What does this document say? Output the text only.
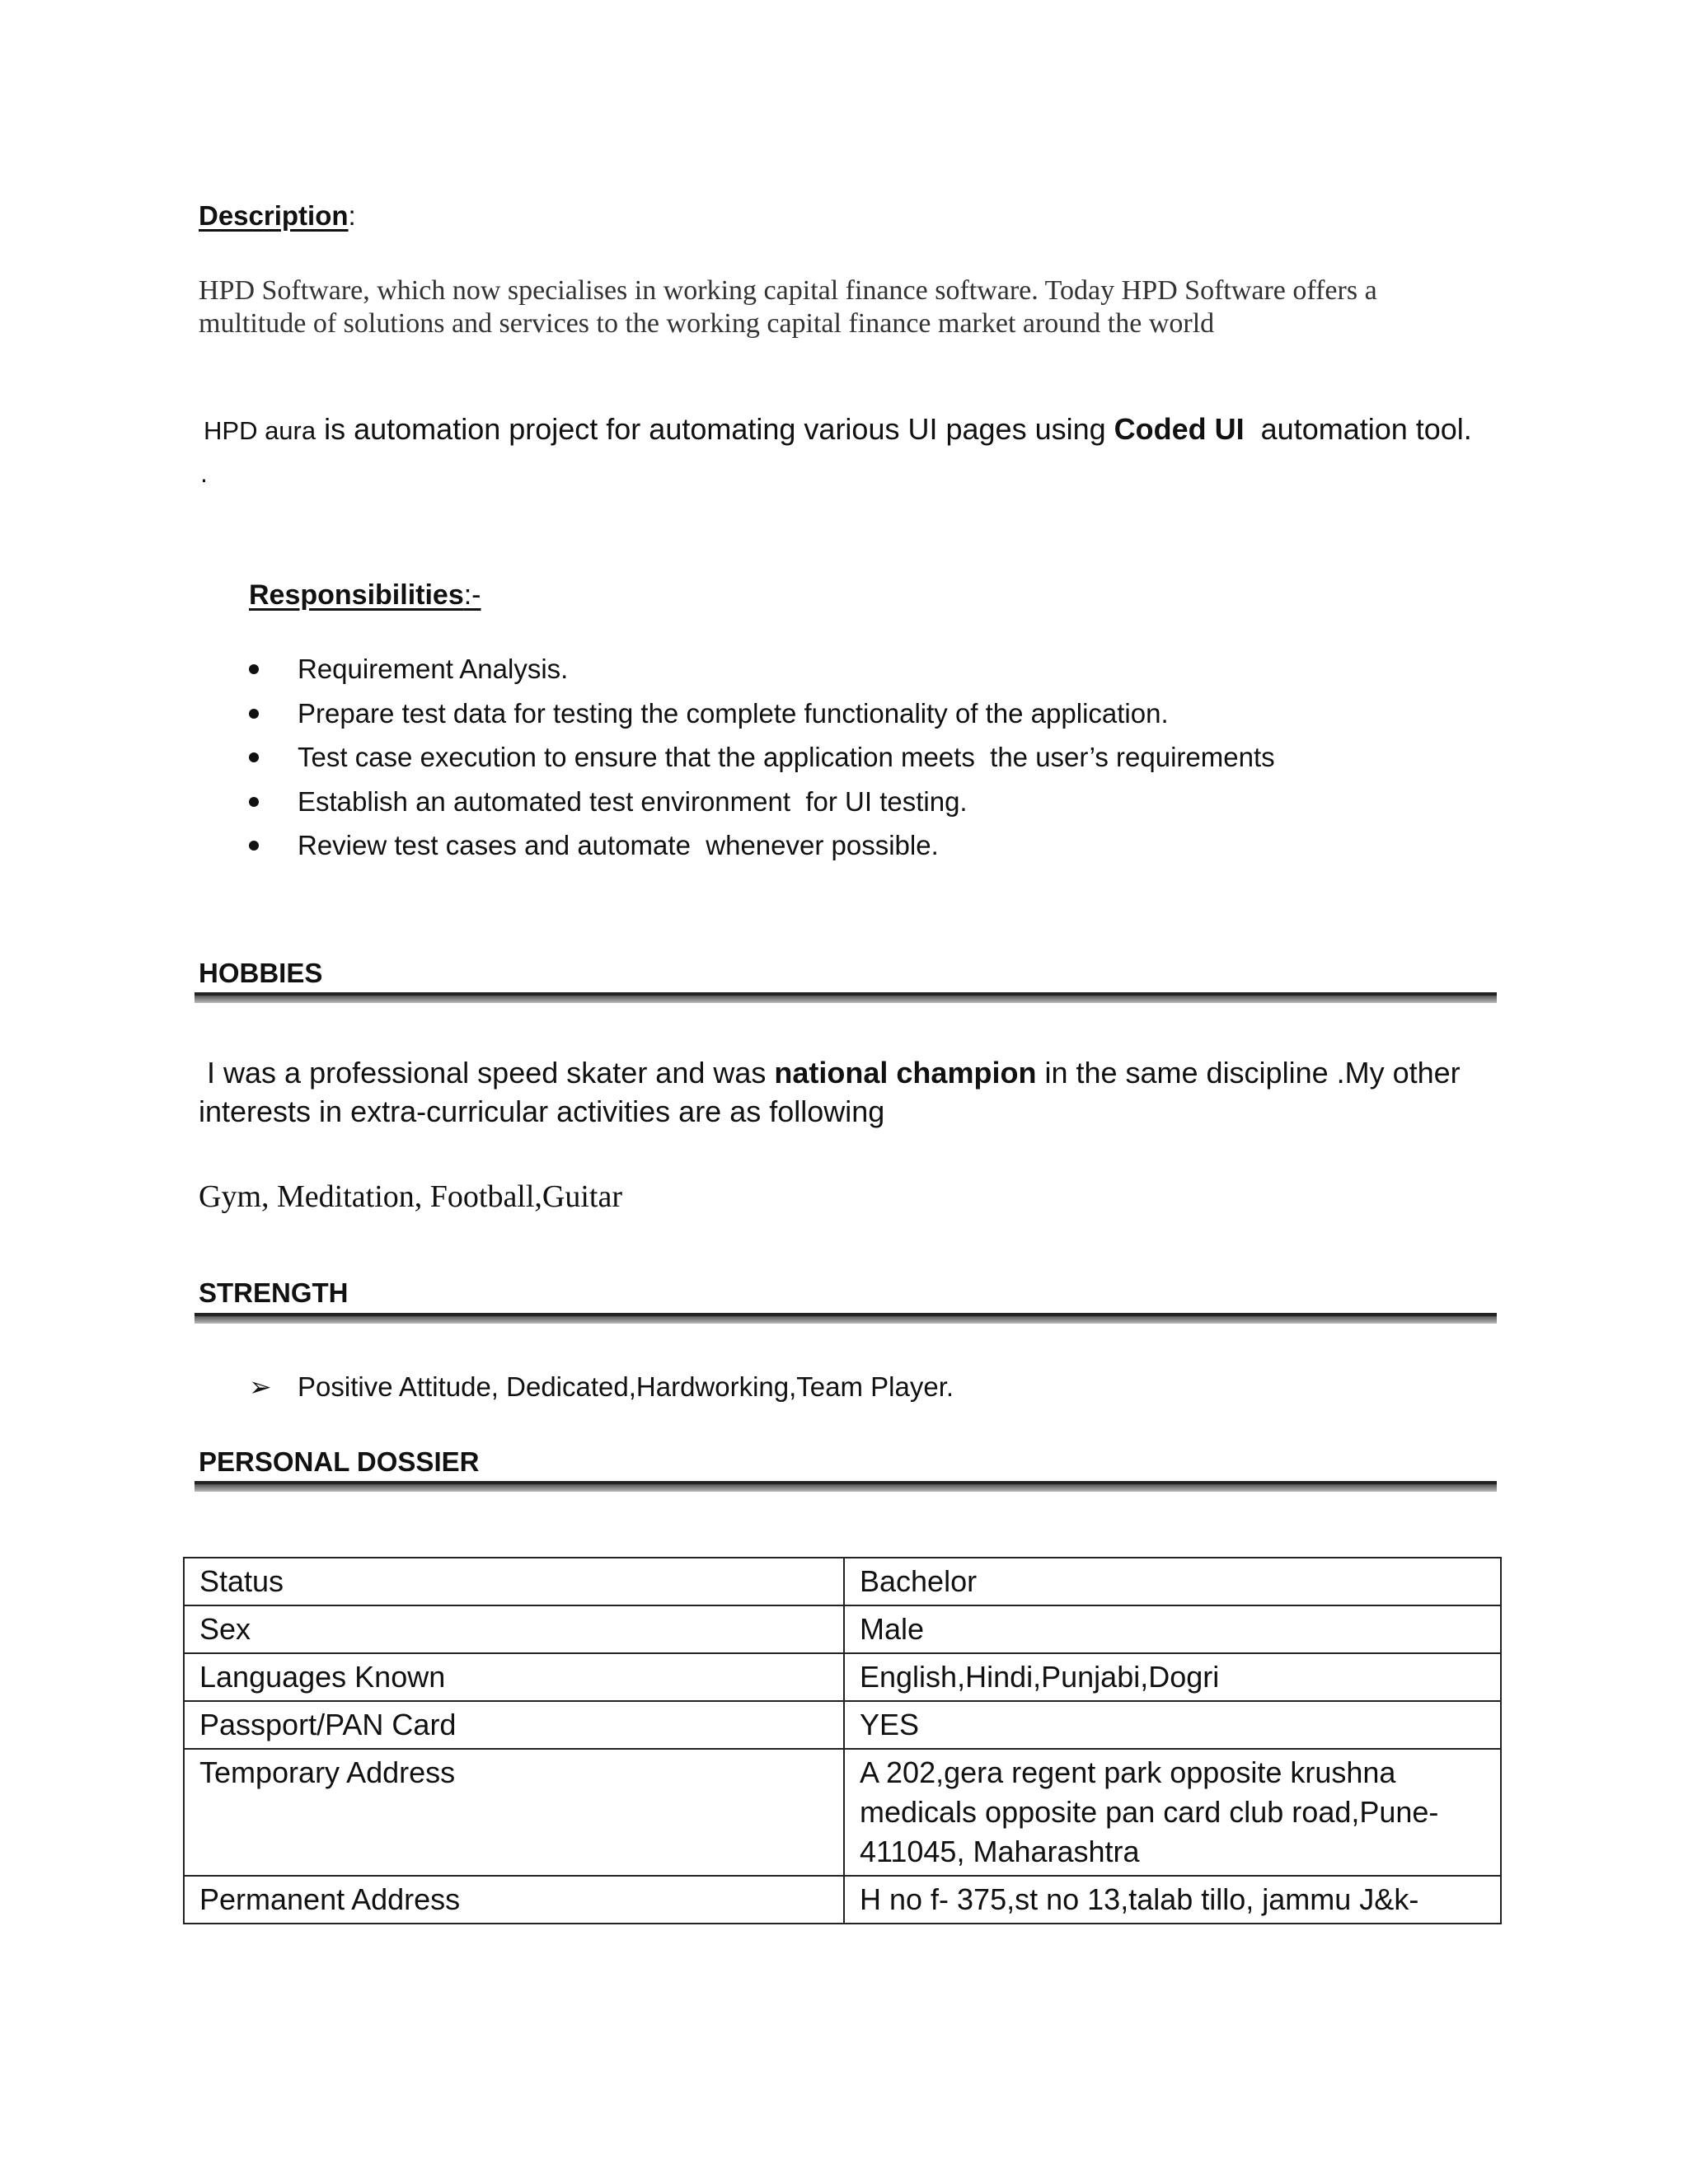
Description:
HPD Software, which now specialises in working capital finance software. Today HPD Software offers a multitude of solutions and services to the working capital finance market around the world
HPD aura is automation project for automating various UI pages using Coded UI  automation tool.
.
Responsibilities:-
Requirement Analysis.
Prepare test data for testing the complete functionality of the application.
Test case execution to ensure that the application meets  the user’s requirements
Establish an automated test environment  for UI testing.
Review test cases and automate  whenever possible.
HOBBIES
I was a professional speed skater and was national champion in the same discipline .My other interests in extra-curricular activities are as following
Gym, Meditation, Football,Guitar
STRENGTH
➢ Positive Attitude, Dedicated,Hardworking,Team Player.
PERSONAL DOSSIER
Status	Bachelor
Sex	Male
Languages Known	English,Hindi,Punjabi,Dogri
Passport/PAN Card	YES
Temporary Address	A 202,gera regent park opposite krushna medicals opposite pan card club road,Pune-411045, Maharashtra
Permanent Address	H no f- 375,st no 13,talab tillo, jammu J&k-
